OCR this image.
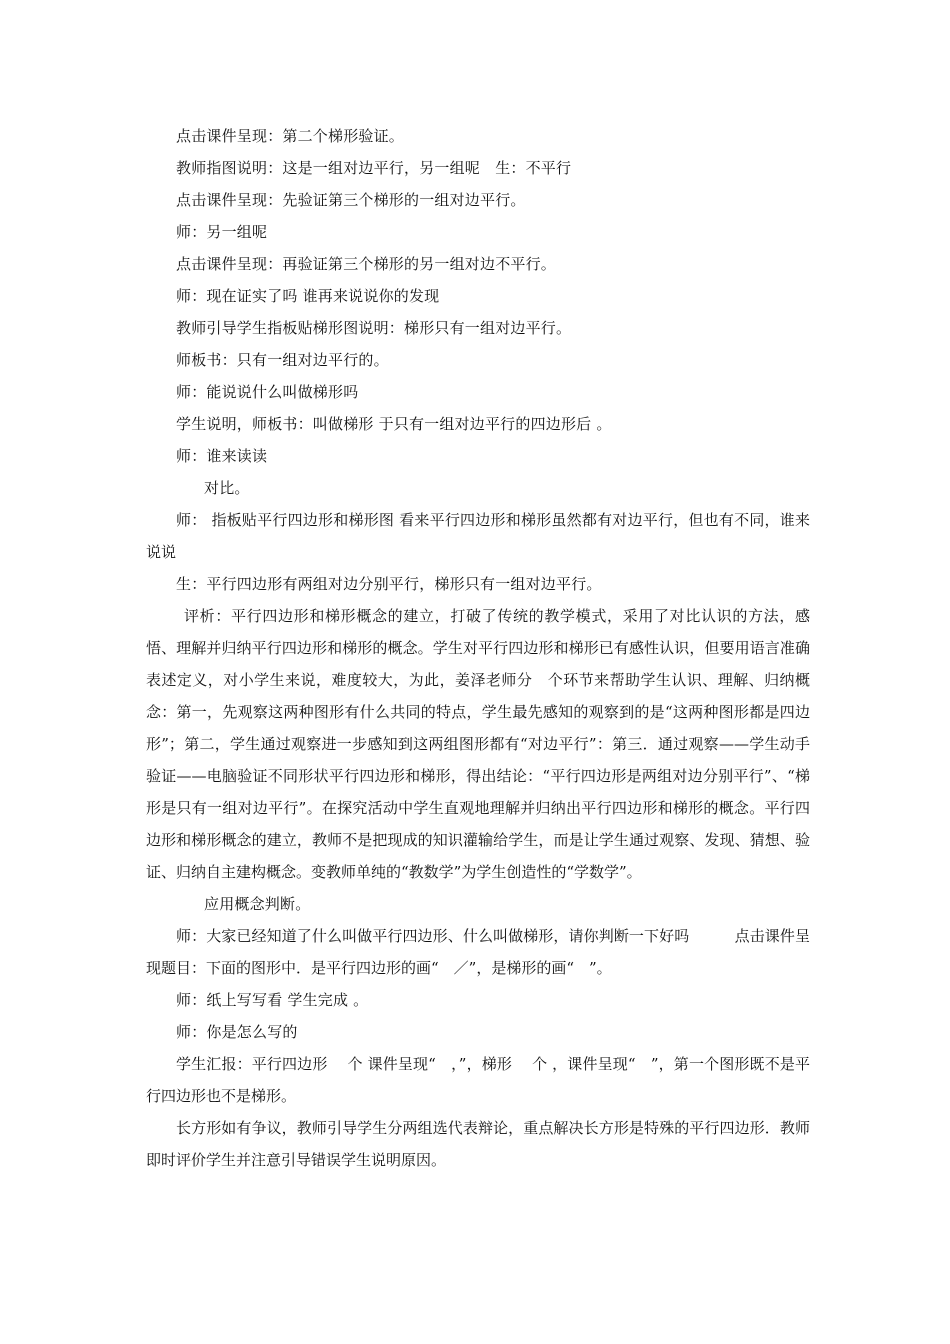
点击课件呈现：第二个梯形验证。

教师指图说明：这是一组对边平行，另一组呢　生：不平行

点击课件呈现：先验证第三个梯形的一组对边平行。

师：另一组呢

点击课件呈现：再验证第三个梯形的另一组对边不平行。

师：现在证实了吗 谁再来说说你的发现

教师引导学生指板贴梯形图说明：梯形只有一组对边平行。

师板书：只有一组对边平行的。

师：能说说什么叫做梯形吗

学生说明，师板书：叫做梯形 于只有一组对边平行的四边形后 。

师：谁来读读

对比。

师： 指板贴平行四边形和梯形图 看来平行四边形和梯形虽然都有对边平行，但也有不同，谁来说说

生：平行四边形有两组对边分别平行，梯形只有一组对边平行。

评析：平行四边形和梯形概念的建立，打破了传统的教学模式，采用了对比认识的方法，感悟、理解并归纳平行四边形和梯形的概念。学生对平行四边形和梯形已有感性认识，但要用语言准确表述定义，对小学生来说，难度较大，为此，姜泽老师分　个环节来帮助学生认识、理解、归纳概念：第一，先观察这两种图形有什么共同的特点，学生最先感知的观察到的是“这两种图形都是四边形”；第二，学生通过观察进一步感知到这两组图形都有“对边平行”：第三．通过观察——学生动手验证——电脑验证不同形状平行四边形和梯形，得出结论：“平行四边形是两组对边分别平行”、“梯形是只有一组对边平行”。在探究活动中学生直观地理解并归纳出平行四边形和梯形的概念。平行四边形和梯形概念的建立，教师不是把现成的知识灌输给学生，而是让学生通过观察、发现、猜想、验证、归纳自主建构概念。变教师单纯的“教数学”为学生创造性的“学数学”。

应用概念判断。

师：大家已经知道了什么叫做平行四边形、什么叫做梯形，请你判断一下好吗　　　点击课件呈现题目：下面的图形中．是平行四边形的画“　／”，是梯形的画“　”。

师：纸上写写看 学生完成 。

师：你是怎么写的

学生汇报：平行四边形　 个 课件呈现“　，”，梯形　 个 ，课件呈现“　”，第一个图形既不是平行四边形也不是梯形。

长方形如有争议，教师引导学生分两组选代表辩论，重点解决长方形是特殊的平行四边形．教师即时评价学生并注意引导错误学生说明原因。
